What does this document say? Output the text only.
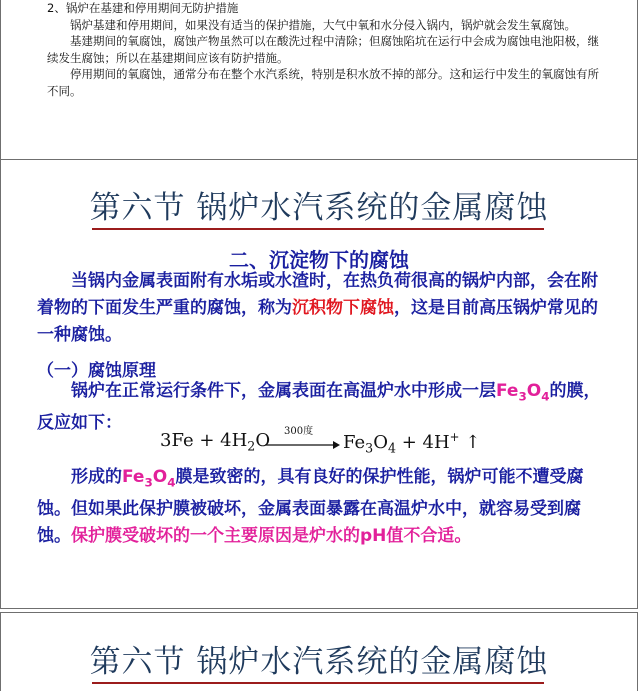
2、锅炉在基建和停用期间无防护措施

锅炉基建和停用期间，如果没有适当的保护措施，大气中氧和水分侵入锅内，锅炉就会发生氧腐蚀。

基建期间的氧腐蚀，腐蚀产物虽然可以在酸洗过程中清除；但腐蚀陷坑在运行中会成为腐蚀电池阳极，继续发生腐蚀；所以在基建期间应该有防护措施。

停用期间的氧腐蚀，通常分布在整个水汽系统，特别是积水放不掉的部分。这和运行中发生的氧腐蚀有所不同。

第六节 锅炉水汽系统的金属腐蚀
二、沉淀物下的腐蚀

当锅内金属表面附有水垢或水渣时，在热负荷很高的锅炉内部，会在附着物的下面发生严重的腐蚀，称为沉积物下腐蚀，这是目前高压锅炉常见的一种腐蚀。

（一）腐蚀原理

锅炉在正常运行条件下，金属表面在高温炉水中形成一层$Fe_3O_4$的膜，反应如下：

$3Fe + 4H_2O$ 300度
$Fe_3O_4 + 4H^+$ ↑

形成的$Fe_3O_4$膜是致密的，具有良好的保护性能，锅炉可能不遭受腐蚀。但如果此保护膜被破坏，金属表面暴露在高温炉水中，就容易受到腐蚀。保护膜受破坏的一个主要原因是炉水的pH值不合适。

第六节 锅炉水汽系统的金属腐蚀
